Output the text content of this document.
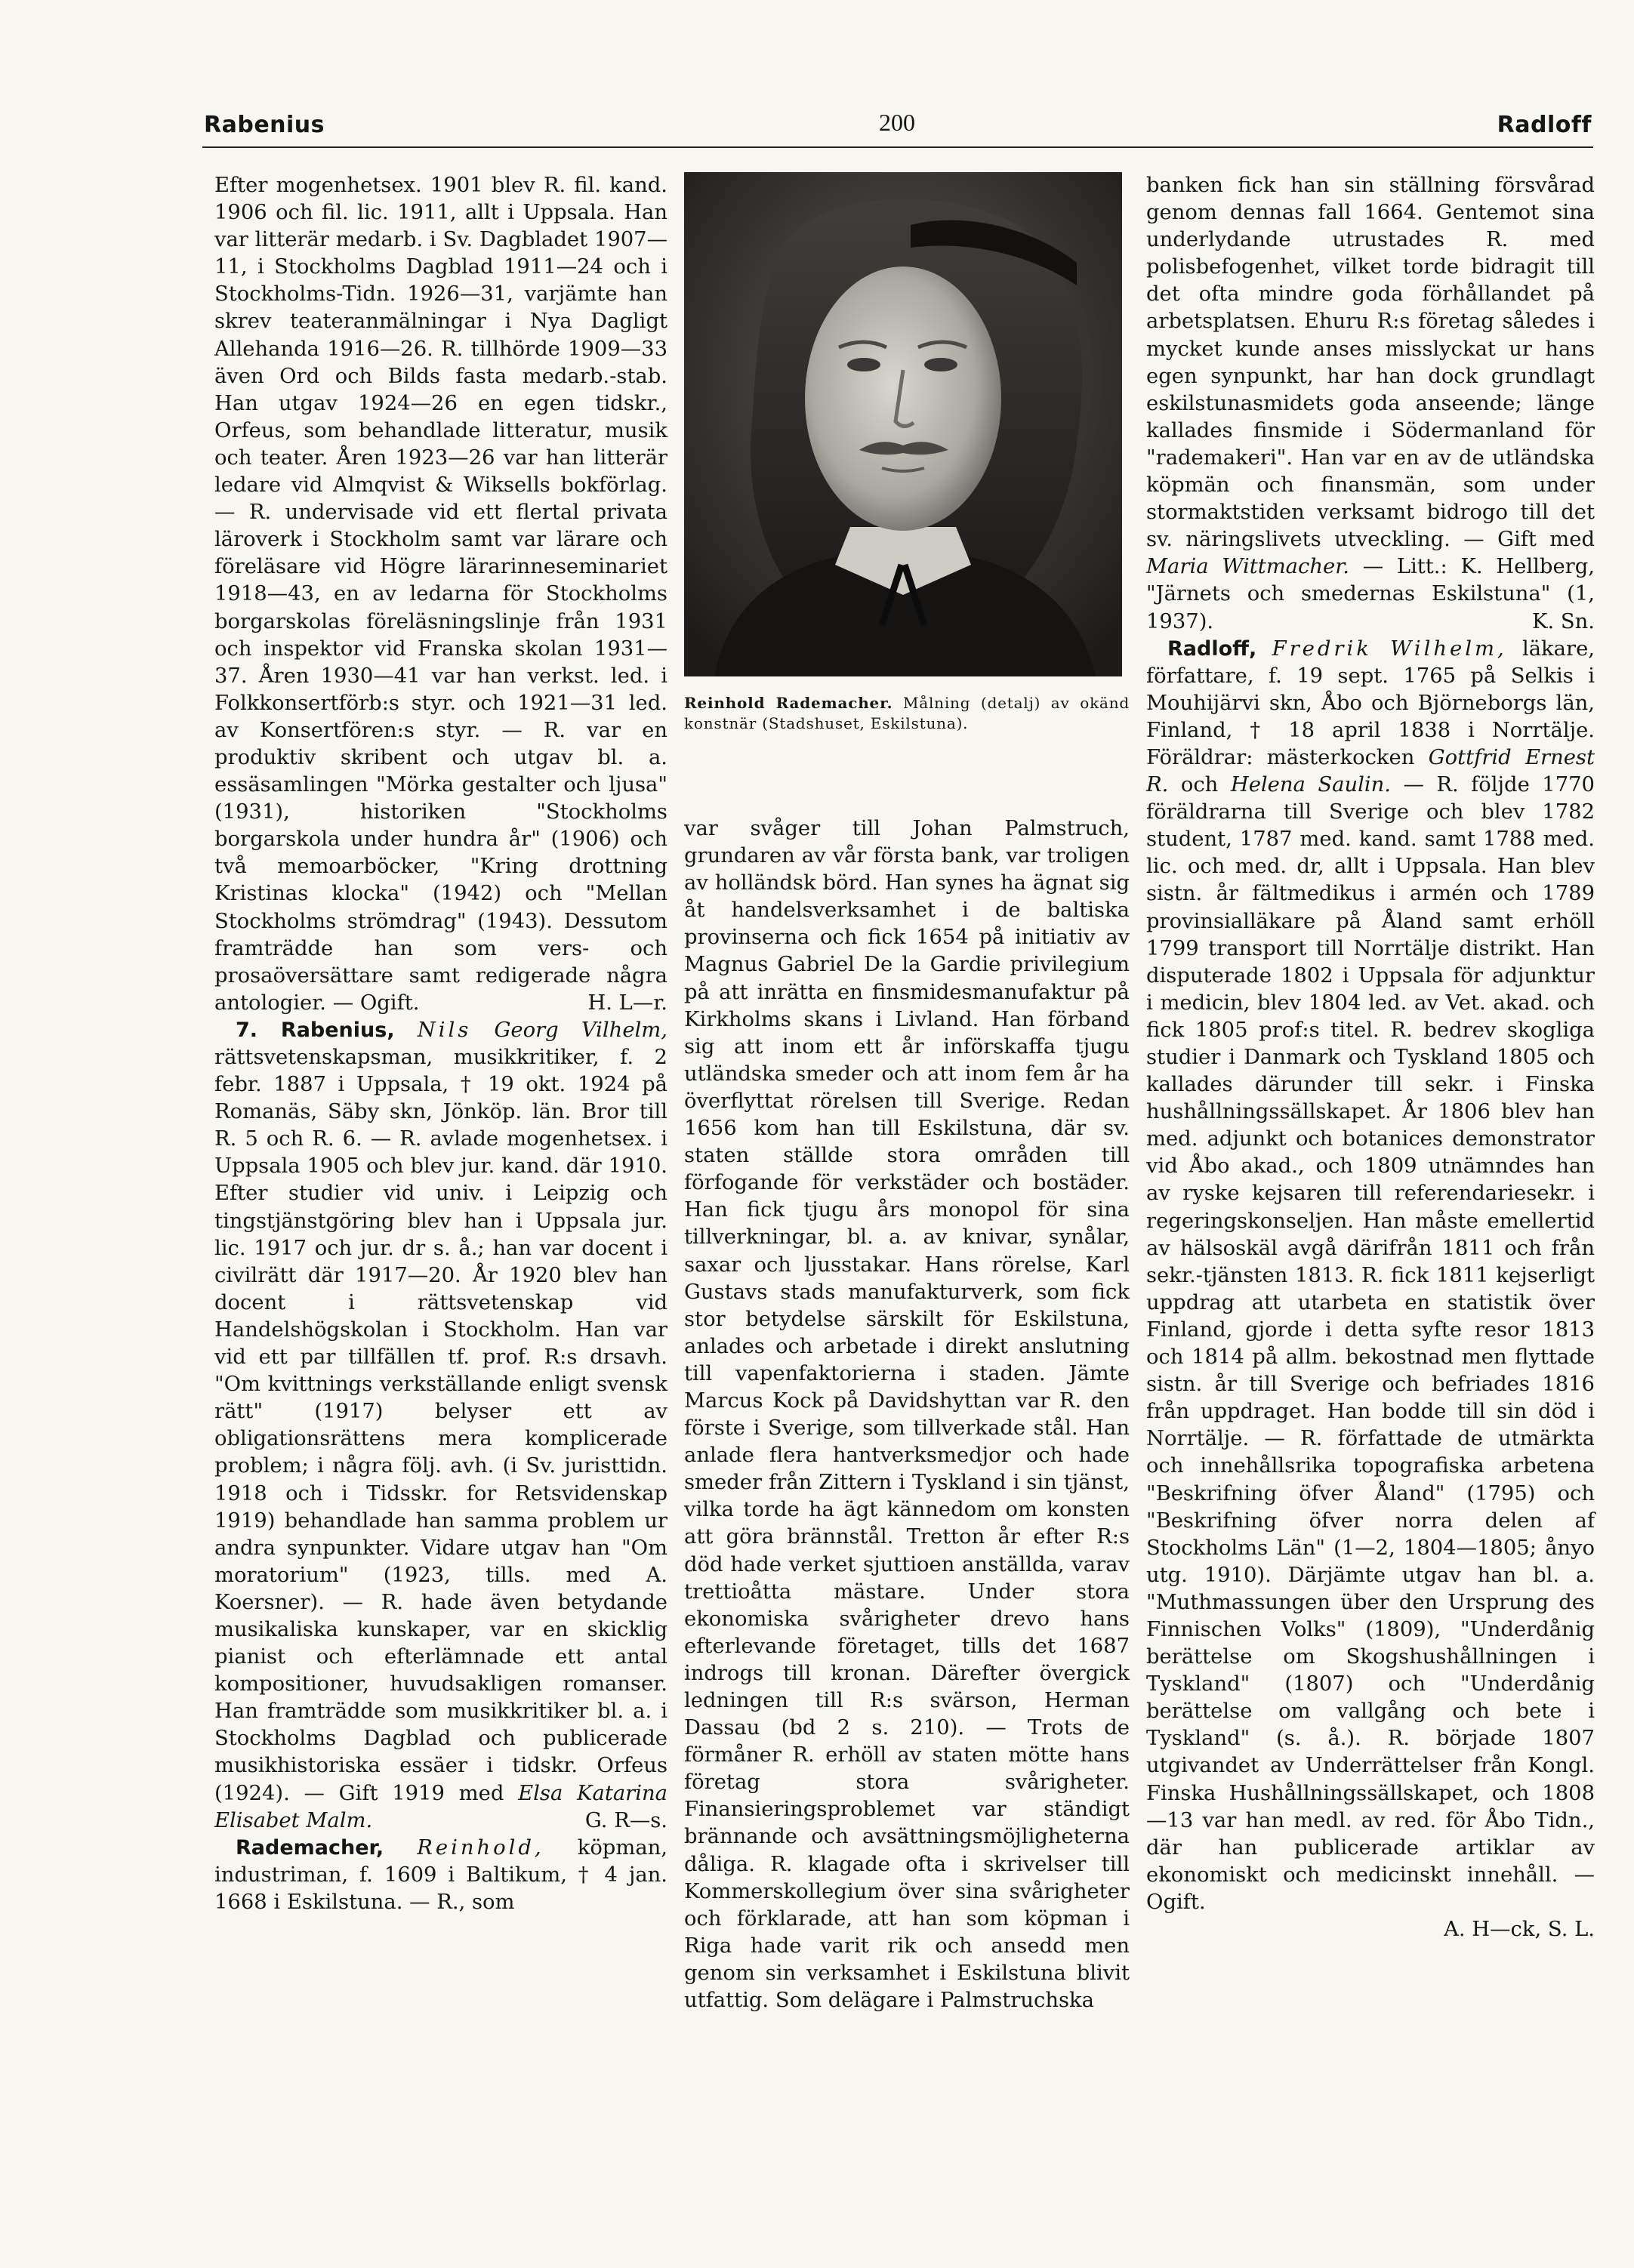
Rabenius	200	Radloff

Efter mogenhetsex. 1901 blev R. fil. kand. 1906 och fil. lic. 1911, allt i Uppsala. Han var litterär medarb. i Sv. Dagbladet 1907—11, i Stockholms Dagblad 1911—24 och i Stockholms-Tidn. 1926—31, varjämte han skrev teateranmälningar i Nya Dagligt Allehanda 1916—26. R. tillhörde 1909—33 även Ord och Bilds fasta medarb.-stab. Han utgav 1924—26 en egen tidskr., Orfeus, som behandlade litteratur, musik och teater. Åren 1923—26 var han litterär ledare vid Almqvist & Wiksells bokförlag. — R. undervisade vid ett flertal privata läroverk i Stockholm samt var lärare och föreläsare vid Högre lärarinneseminariet 1918—43, en av ledarna för Stockholms borgarskolas föreläsningslinje från 1931 och inspektor vid Franska skolan 1931—37. Åren 1930—41 var han verkst. led. i Folkkonsertförb:s styr. och 1921—31 led. av Konsertfören:s styr. — R. var en produktiv skribent och utgav bl. a. essäsamlingen "Mörka gestalter och ljusa" (1931), historiken "Stockholms borgarskola under hundra år" (1906) och två memoarböcker, "Kring drottning Kristinas klocka" (1942) och "Mellan Stockholms strömdrag" (1943). Dessutom framträdde han som vers- och prosaöversättare samt redigerade några antologier. — Ogift.	H. L—r.

7. Rabenius, Nils Georg Vilhelm, rättsvetenskapsman, musikkritiker, f. 2 febr. 1887 i Uppsala, † 19 okt. 1924 på Romanäs, Säby skn, Jönköp. län. Bror till R. 5 och R. 6. — R. avlade mogenhetsex. i Uppsala 1905 och blev jur. kand. där 1910. Efter studier vid univ. i Leipzig och tingstjänstgöring blev han i Uppsala jur. lic. 1917 och jur. dr s. å.; han var docent i civilrätt där 1917—20. År 1920 blev han docent i rättsvetenskap vid Handelshögskolan i Stockholm. Han var vid ett par tillfällen tf. prof. R:s drsavh. "Om kvittnings verkställande enligt svensk rätt" (1917) belyser ett av obligationsrättens mera komplicerade problem; i några följ. avh. (i Sv. juristtidn. 1918 och i Tidsskr. for Retsvidenskap 1919) behandlade han samma problem ur andra synpunkter. Vidare utgav han "Om moratorium" (1923, tills. med A. Koersner). — R. hade även betydande musikaliska kunskaper, var en skicklig pianist och efterlämnade ett antal kompositioner, huvudsakligen romanser. Han framträdde som musikkritiker bl. a. i Stockholms Dagblad och publicerade musikhistoriska essäer i tidskr. Orfeus (1924). — Gift 1919 med Elsa Katarina Elisabet Malm.	G. R—s.

Rademacher, Reinhold, köpman, industriman, f. 1609 i Baltikum, † 4 jan. 1668 i Eskilstuna. — R., som

Reinhold Rademacher. Målning (detalj) av okänd konstnär (Stadshuset, Eskilstuna).

var svåger till Johan Palmstruch, grundaren av vår första bank, var troligen av holländsk börd. Han synes ha ägnat sig åt handelsverksamhet i de baltiska provinserna och fick 1654 på initiativ av Magnus Gabriel De la Gardie privilegium på att inrätta en finsmidesmanufaktur på Kirkholms skans i Livland. Han förband sig att inom ett år införskaffa tjugu utländska smeder och att inom fem år ha överflyttat rörelsen till Sverige. Redan 1656 kom han till Eskilstuna, där sv. staten ställde stora områden till förfogande för verkstäder och bostäder. Han fick tjugu års monopol för sina tillverkningar, bl. a. av knivar, synålar, saxar och ljusstakar. Hans rörelse, Karl Gustavs stads manufakturverk, som fick stor betydelse särskilt för Eskilstuna, anlades och arbetade i direkt anslutning till vapenfaktorierna i staden. Jämte Marcus Kock på Davidshyttan var R. den förste i Sverige, som tillverkade stål. Han anlade flera hantverksmedjor och hade smeder från Zittern i Tyskland i sin tjänst, vilka torde ha ägt kännedom om konsten att göra brännstål. Tretton år efter R:s död hade verket sjuttioen anställda, varav trettioåtta mästare. Under stora ekonomiska svårigheter drevo hans efterlevande företaget, tills det 1687 indrogs till kronan. Därefter övergick ledningen till R:s svärson, Herman Dassau (bd 2 s. 210). — Trots de förmåner R. erhöll av staten mötte hans företag stora svårigheter. Finansieringsproblemet var ständigt brännande och avsättningsmöjligheterna dåliga. R. klagade ofta i skrivelser till Kommerskollegium över sina svårigheter och förklarade, att han som köpman i Riga hade varit rik och ansedd men genom sin verksamhet i Eskilstuna blivit utfattig. Som delägare i Palmstruchska

banken fick han sin ställning försvårad genom dennas fall 1664. Gentemot sina underlydande utrustades R. med polisbefogenhet, vilket torde bidragit till det ofta mindre goda förhållandet på arbetsplatsen. Ehuru R:s företag således i mycket kunde anses misslyckat ur hans egen synpunkt, har han dock grundlagt eskilstunasmidets goda anseende; länge kallades finsmide i Södermanland för "rademakeri". Han var en av de utländska köpmän och finansmän, som under stormaktstiden verksamt bidrogo till det sv. näringslivets utveckling. — Gift med Maria Wittmacher. — Litt.: K. Hellberg, "Järnets och smedernas Eskilstuna" (1, 1937).	K. Sn.

Radloff, Fredrik Wilhelm, läkare, författare, f. 19 sept. 1765 på Selkis i Mouhijärvi skn, Åbo och Björneborgs län, Finland, † 18 april 1838 i Norrtälje. Föräldrar: mästerkocken Gottfrid Ernest R. och Helena Saulin. — R. följde 1770 föräldrarna till Sverige och blev 1782 student, 1787 med. kand. samt 1788 med. lic. och med. dr, allt i Uppsala. Han blev sistn. år fältmedikus i armén och 1789 provinsialläkare på Åland samt erhöll 1799 transport till Norrtälje distrikt. Han disputerade 1802 i Uppsala för adjunktur i medicin, blev 1804 led. av Vet. akad. och fick 1805 prof:s titel. R. bedrev skogliga studier i Danmark och Tyskland 1805 och kallades därunder till sekr. i Finska hushållningssällskapet. År 1806 blev han med. adjunkt och botanices demonstrator vid Åbo akad., och 1809 utnämndes han av ryske kejsaren till referendariesekr. i regeringskonseljen. Han måste emellertid av hälsoskäl avgå därifrån 1811 och från sekr.-tjänsten 1813. R. fick 1811 kejserligt uppdrag att utarbeta en statistik över Finland, gjorde i detta syfte resor 1813 och 1814 på allm. bekostnad men flyttade sistn. år till Sverige och befriades 1816 från uppdraget. Han bodde till sin död i Norrtälje. — R. författade de utmärkta och innehållsrika topografiska arbetena "Beskrifning öfver Åland" (1795) och "Beskrifning öfver norra delen af Stockholms Län" (1—2, 1804—1805; ånyo utg. 1910). Därjämte utgav han bl. a. "Muthmassungen über den Ursprung des Finnischen Volks" (1809), "Underdånig berättelse om Skogshushållningen i Tyskland" (1807) och "Underdånig berättelse om vallgång och bete i Tyskland" (s. å.). R. började 1807 utgivandet av Underrättelser från Kongl. Finska Hushållningssällskapet, och 1808—13 var han medl. av red. för Åbo Tidn., där han publicerade artiklar av ekonomiskt och medicinskt innehåll. — Ogift.

A. H—ck, S. L.
